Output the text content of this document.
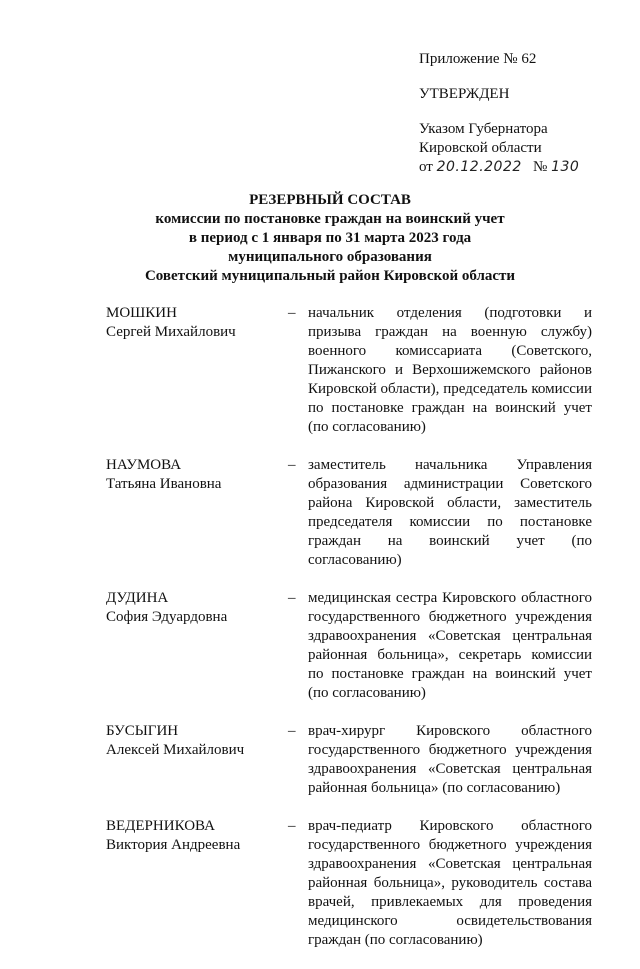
Приложение № 62
УТВЕРЖДЕН
Указом Губернатора
Кировской области
от 20.12.2022 № 130
РЕЗЕРВНЫЙ СОСТАВ
комиссии по постановке граждан на воинский учет
в период с 1 января по 31 марта 2023 года
муниципального образования
Советский муниципальный район Кировской области
МОШКИН
Сергей Михайлович
– начальник отделения (подготовки и призыва граждан на военную службу) военного комиссариата (Советского, Пижанского и Верхошижемского районов Кировской области), председатель комиссии по постановке граждан на воинский учет (по согласованию)
НАУМОВА
Татьяна Ивановна
– заместитель начальника Управления образования администрации Советского района Кировской области, заместитель председателя комиссии по постановке граждан на воинский учет (по согласованию)
ДУДИНА
София Эдуардовна
– медицинская сестра Кировского областного государственного бюджетного учреждения здравоохранения «Советская центральная районная больница», секретарь комиссии по постановке граждан на воинский учет (по согласованию)
БУСЫГИН
Алексей Михайлович
– врач-хирург Кировского областного государственного бюджетного учреждения здравоохранения «Советская центральная районная больница» (по согласованию)
ВЕДЕРНИКОВА
Виктория Андреевна
– врач-педиатр Кировского областного государственного бюджетного учреждения здравоохранения «Советская центральная районная больница», руководитель состава врачей, привлекаемых для проведения медицинского освидетельствования граждан (по согласованию)
